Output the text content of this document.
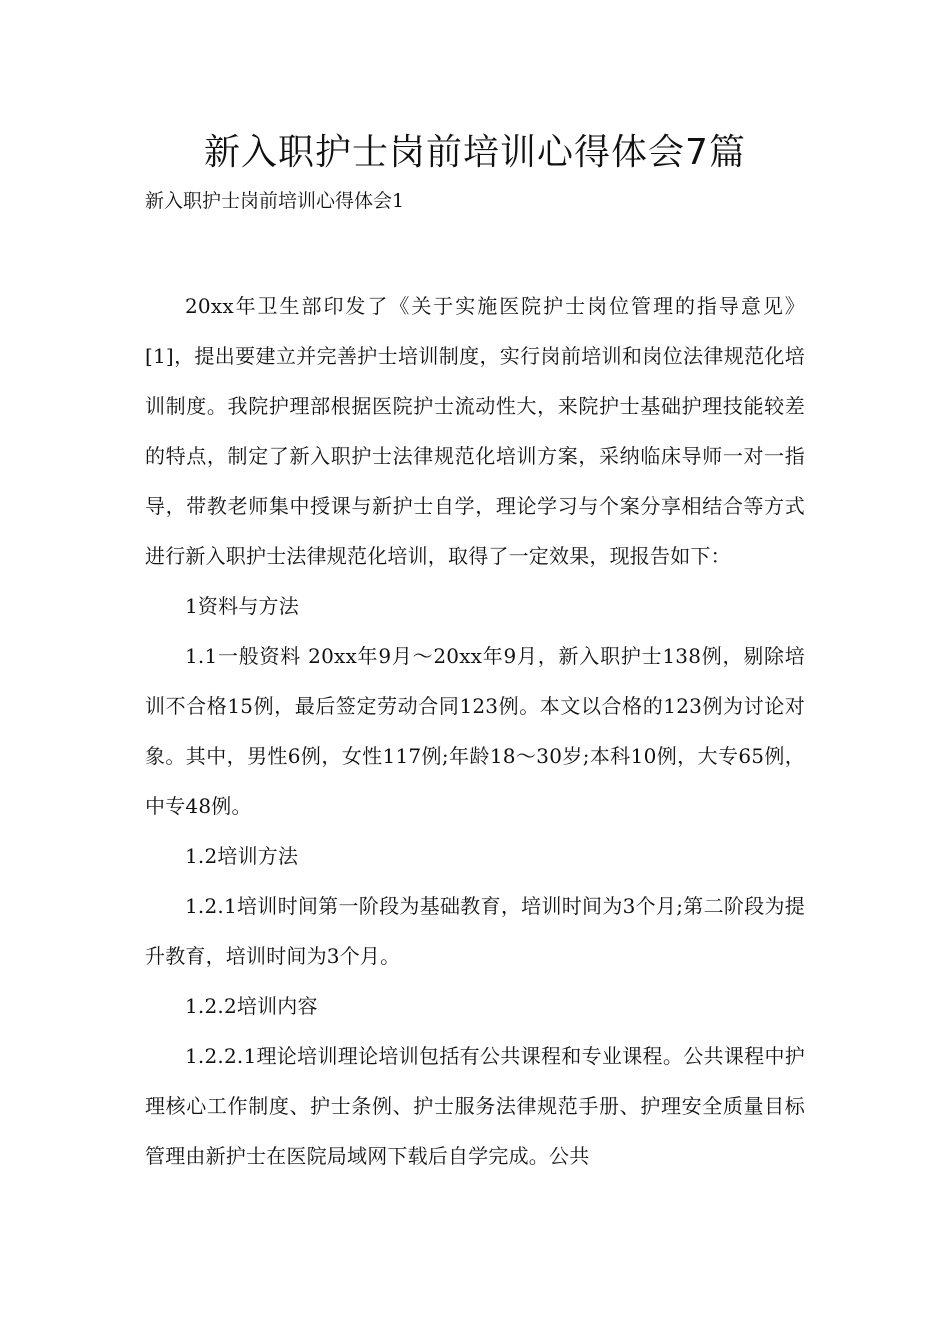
新入职护士岗前培训心得体会7篇

新入职护士岗前培训心得体会1

20xx年卫生部印发了《关于实施医院护士岗位管理的指导意见》[1]，提出要建立并完善护士培训制度，实行岗前培训和岗位法律规范化培训制度。我院护理部根据医院护士流动性大，来院护士基础护理技能较差的特点，制定了新入职护士法律规范化培训方案，采纳临床导师一对一指导，带教老师集中授课与新护士自学，理论学习与个案分享相结合等方式进行新入职护士法律规范化培训，取得了一定效果，现报告如下：

1资料与方法

1.1一般资料 20xx年9月～20xx年9月，新入职护士138例，剔除培训不合格15例，最后签定劳动合同123例。本文以合格的123例为讨论对象。其中，男性6例，女性117例;年龄18～30岁;本科10例，大专65例，中专48例。

1.2培训方法

1.2.1培训时间第一阶段为基础教育，培训时间为3个月;第二阶段为提升教育，培训时间为3个月。

1.2.2培训内容

1.2.2.1理论培训理论培训包括有公共课程和专业课程。公共课程中护理核心工作制度、护士条例、护士服务法律规范手册、护理安全质量目标管理由新护士在医院局域网下载后自学完成。公共
